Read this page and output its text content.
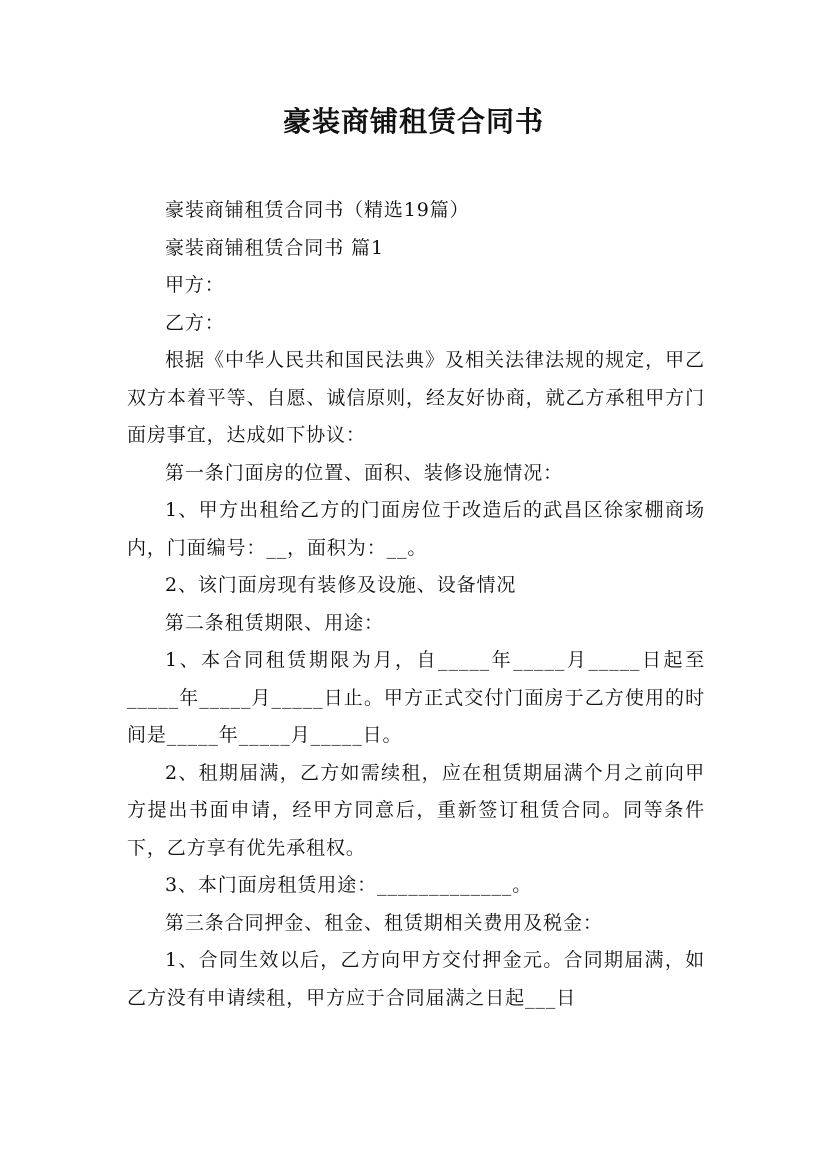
豪装商铺租赁合同书

豪装商铺租赁合同书（精选19篇）

豪装商铺租赁合同书 篇1

甲方：

乙方：

根据《中华人民共和国民法典》及相关法律法规的规定，甲乙双方本着平等、自愿、诚信原则，经友好协商，就乙方承租甲方门面房事宜，达成如下协议：

第一条门面房的位置、面积、装修设施情况：

1、甲方出租给乙方的门面房位于改造后的武昌区徐家棚商场内，门面编号：__，面积为：__。

2、该门面房现有装修及设施、设备情况

第二条租赁期限、用途：

1、本合同租赁期限为月，自_____年_____月_____日起至_____年_____月_____日止。甲方正式交付门面房于乙方使用的时间是_____年_____月_____日。

2、租期届满，乙方如需续租，应在租赁期届满个月之前向甲方提出书面申请，经甲方同意后，重新签订租赁合同。同等条件下，乙方享有优先承租权。

3、本门面房租赁用途：_____________。

第三条合同押金、租金、租赁期相关费用及税金：

1、合同生效以后，乙方向甲方交付押金元。合同期届满，如乙方没有申请续租，甲方应于合同届满之日起___日
